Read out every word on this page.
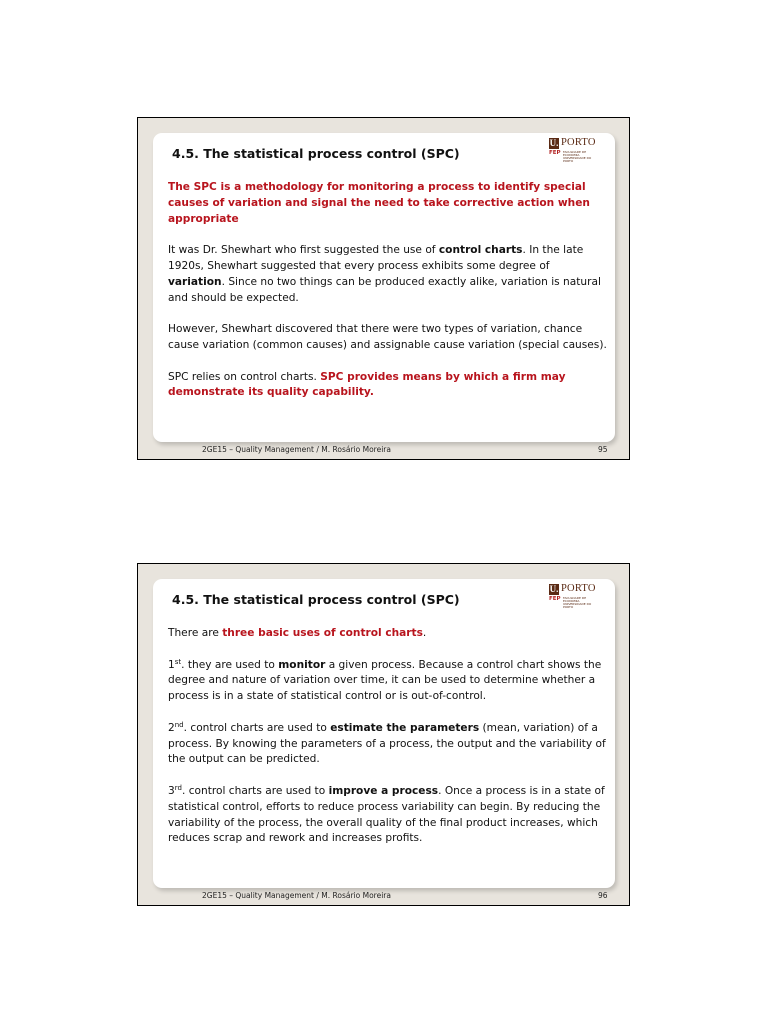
U. PORTO
FEP FACULDADE DE ECONOMIA UNIVERSIDADE DO PORTO
4.5. The statistical process control (SPC)

The SPC is a methodology for monitoring a process to identify special causes of variation and signal the need to take corrective action when appropriate

It was Dr. Shewhart who first suggested the use of control charts. In the late 1920s, Shewhart suggested that every process exhibits some degree of variation. Since no two things can be produced exactly alike, variation is natural and should be expected.

However, Shewhart discovered that there were two types of variation, chance cause variation (common causes) and assignable cause variation (special causes).

SPC relies on control charts. SPC provides means by which a firm may demonstrate its quality capability.

2GE15 – Quality Management / M. Rosário Moreira	95
U. PORTO
FEP FACULDADE DE ECONOMIA UNIVERSIDADE DO PORTO
4.5. The statistical process control (SPC)

There are three basic uses of control charts.

1st. they are used to monitor a given process. Because a control chart shows the degree and nature of variation over time, it can be used to determine whether a process is in a state of statistical control or is out-of-control.

2nd. control charts are used to estimate the parameters (mean, variation) of a process. By knowing the parameters of a process, the output and the variability of the output can be predicted.

3rd. control charts are used to improve a process. Once a process is in a state of statistical control, efforts to reduce process variability can begin. By reducing the variability of the process, the overall quality of the final product increases, which reduces scrap and rework and increases profits.

2GE15 – Quality Management / M. Rosário Moreira	96
